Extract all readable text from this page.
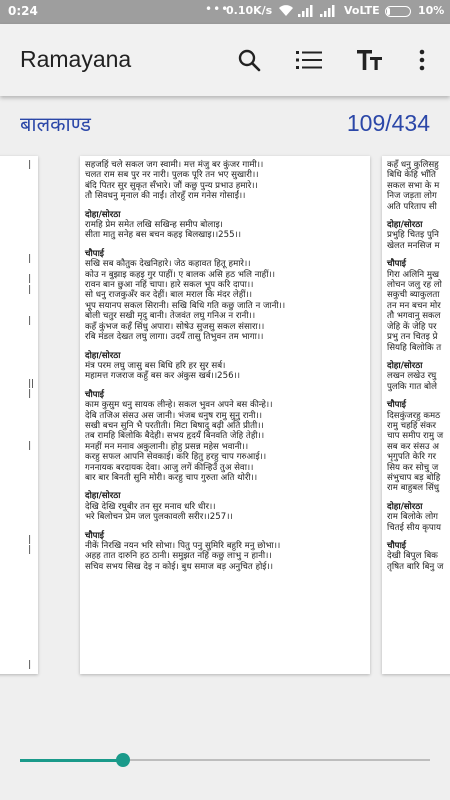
0:24	•••
0.10K/s	VoLTE	10%
Ramayana
बालकाण्ड	109/434
|

|

|
|

|

||
|

|

|
|

|
सहजहिं चले सकल जग स्वामी। मत्त मंजु बर कुंजर गामी।।
चलत राम सब पुर नर नारी। पुलक पूरि तन भए सुखारी।।
बंदि पितर सुर सुकृत सँभारे। जौं कछु पुन्य प्रभाउ हमारे।।
तौ सिवधनु मृनाल की नाईं। तोरहुँ राम गनेस गोसाईं।।
दोहा/सोरठा
रामहि प्रेम समेत लखि सखिन्ह समीप बोलाइ।
सीता मातु सनेह बस बचन कहइ बिलखाइ।।255।।
चौपाई
सखि सब कौतुक देखनिहारे। जेठ कहावत हितू हमारे।।
कोउ न बुझाइ कहइ गुर पाहीं। ए बालक असि हठ भलि नाहीं।।
रावन बान छुआ नहिं चापा। हारे सकल भूप करि दापा।।
सो धनु राजकुअँर कर देहीं। बाल मराल कि मंदर लेहीं।।
भूप सयानप सकल सिरानी। सखि बिधि गति कछु जाति न जानी।।
बोली चतुर सखी मृदु बानी। तेजवंत लघु गनिअ न रानी।।
कहँ कुंभज कहँ सिंधु अपारा। सोषेउ सुजसु सकल संसारा।।
रबि मंडल देखत लघु लागा। उदयँ तासु तिभुवन तम भागा।।
दोहा/सोरठा
मंत्र परम लघु जासु बस बिधि हरि हर सुर सर्ब।
महामत्त गजराज कहुँ बस कर अंकुस खर्ब।।256।।
चौपाई
काम कुसुम धनु सायक लीन्हे। सकल भुवन अपने बस कीन्हे।।
देबि तजिअ संसउ अस जानी। भंजब धनुष रामु सुनु रानी।।
सखी बचन सुनि भै परतीती। मिटा बिषादु बढ़ी अति प्रीती।।
तब रामहि बिलोकि बैदेही। सभय हृदयँ बिनवति जेहि तेही।।
मनहीं मन मनाव अकुलानी। होहु प्रसन्न महेस भवानी।।
करहु सफल आपनि सेवकाई। करि हितु हरहु चाप गरुआई।।
गननायक बरदायक देवा। आजु लगें कीन्हिउँ तुअ सेवा।।
बार बार बिनती सुनि मोरी। करहु चाप गुरुता अति थोरी।।
दोहा/सोरठा
देखि देखि रघुबीर तन सुर मनाव धरि धीर।।
भरे बिलोचन प्रेम जल पुलकावली सरीर।।257।।
चौपाई
नीकें निरखि नयन भरि सोभा। पितु पनु सुमिरि बहुरि मनु छोभा।।
अहह तात दारुनि हठ ठानी। समुझत नहिं कछु लाभु न हानी।।
सचिव सभय सिख देइ न कोई। बुध समाज बड़ अनुचित होई।।
कहँ धनु कुलिसहु
बिधि केहि भाँति
सकल सभा के म
निज जड़ता लोग
अति परिताप सी
दोहा/सोरठा
प्रभुहि चितइ पुनि
खेलत मनसिज म
चौपाई
गिरा अलिनि मुख
लोचन जलु रह लो
सकुची ब्याकुलता
तन मन बचन मोर
तौ भगवानु सकल
जेहि कें जेहि पर
प्रभु तन चितइ प्रे
सियहि बिलोकि त
दोहा/सोरठा
लखन लखेउ रघु
पुलकि गात बोले
चौपाई
दिसकुंजरहु कमठ
रामु चहहिं संकर
चाप समीप रामु ज
सब कर संसउ अ
भृगुपति केरि गर
सिय कर सोचु ज
संभुचाप बड़ बोहि
राम बाहुबल सिंधु
दोहा/सोरठा
राम बिलोके लोग
चितई सीय कृपाय
चौपाई
देखी बिपुल बिक
तृषित बारि बिनु ज
